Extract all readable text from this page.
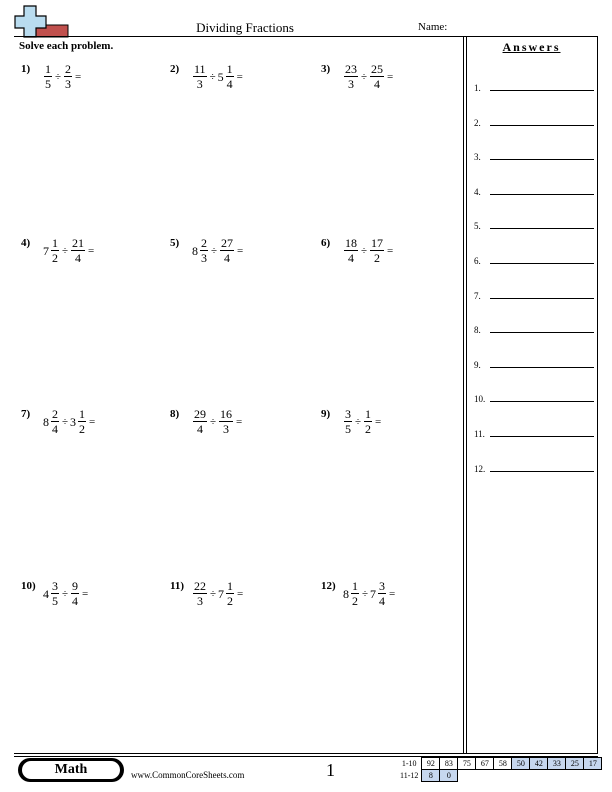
Dividing Fractions	Name:
Solve each problem.	Answers
1.
2.
3.
4.
5.
6.
7.
8.
9.
10.
11.
12.
$1) \frac{1}{5} \div \frac{2}{3}$ =
$2) \frac{11}{3} \div 5 \frac{1}{4}$ =
$3) \frac{23}{3} \div \frac{25}{4}$ =
4)
$7 \frac{1}{2} \div \frac{21}{4}$ =
5)
$8 \frac{2}{3} \div \frac{27}{4}$ =
$6) \frac{18}{4} \div \frac{17}{2}$ =
7)
$8 \frac{2}{4} \div 3 \frac{1}{2}$ =
$8) \frac{29}{4} \div \frac{16}{3}$ =
$9) \frac{3}{5} \div \frac{1}{2}$ =
10)
$4 \frac{3}{5} \div \frac{9}{4}$ =
$11) \frac{22}{3} \div 7 \frac{1}{2}$ =
12)
$8 \frac{1}{2} \div 7 \frac{3}{4}$ =
Math	www.CommonCoreSheets.com	1	1-10	92	83	75	67	58	50	42	33	25	17
11-12	8	0								
